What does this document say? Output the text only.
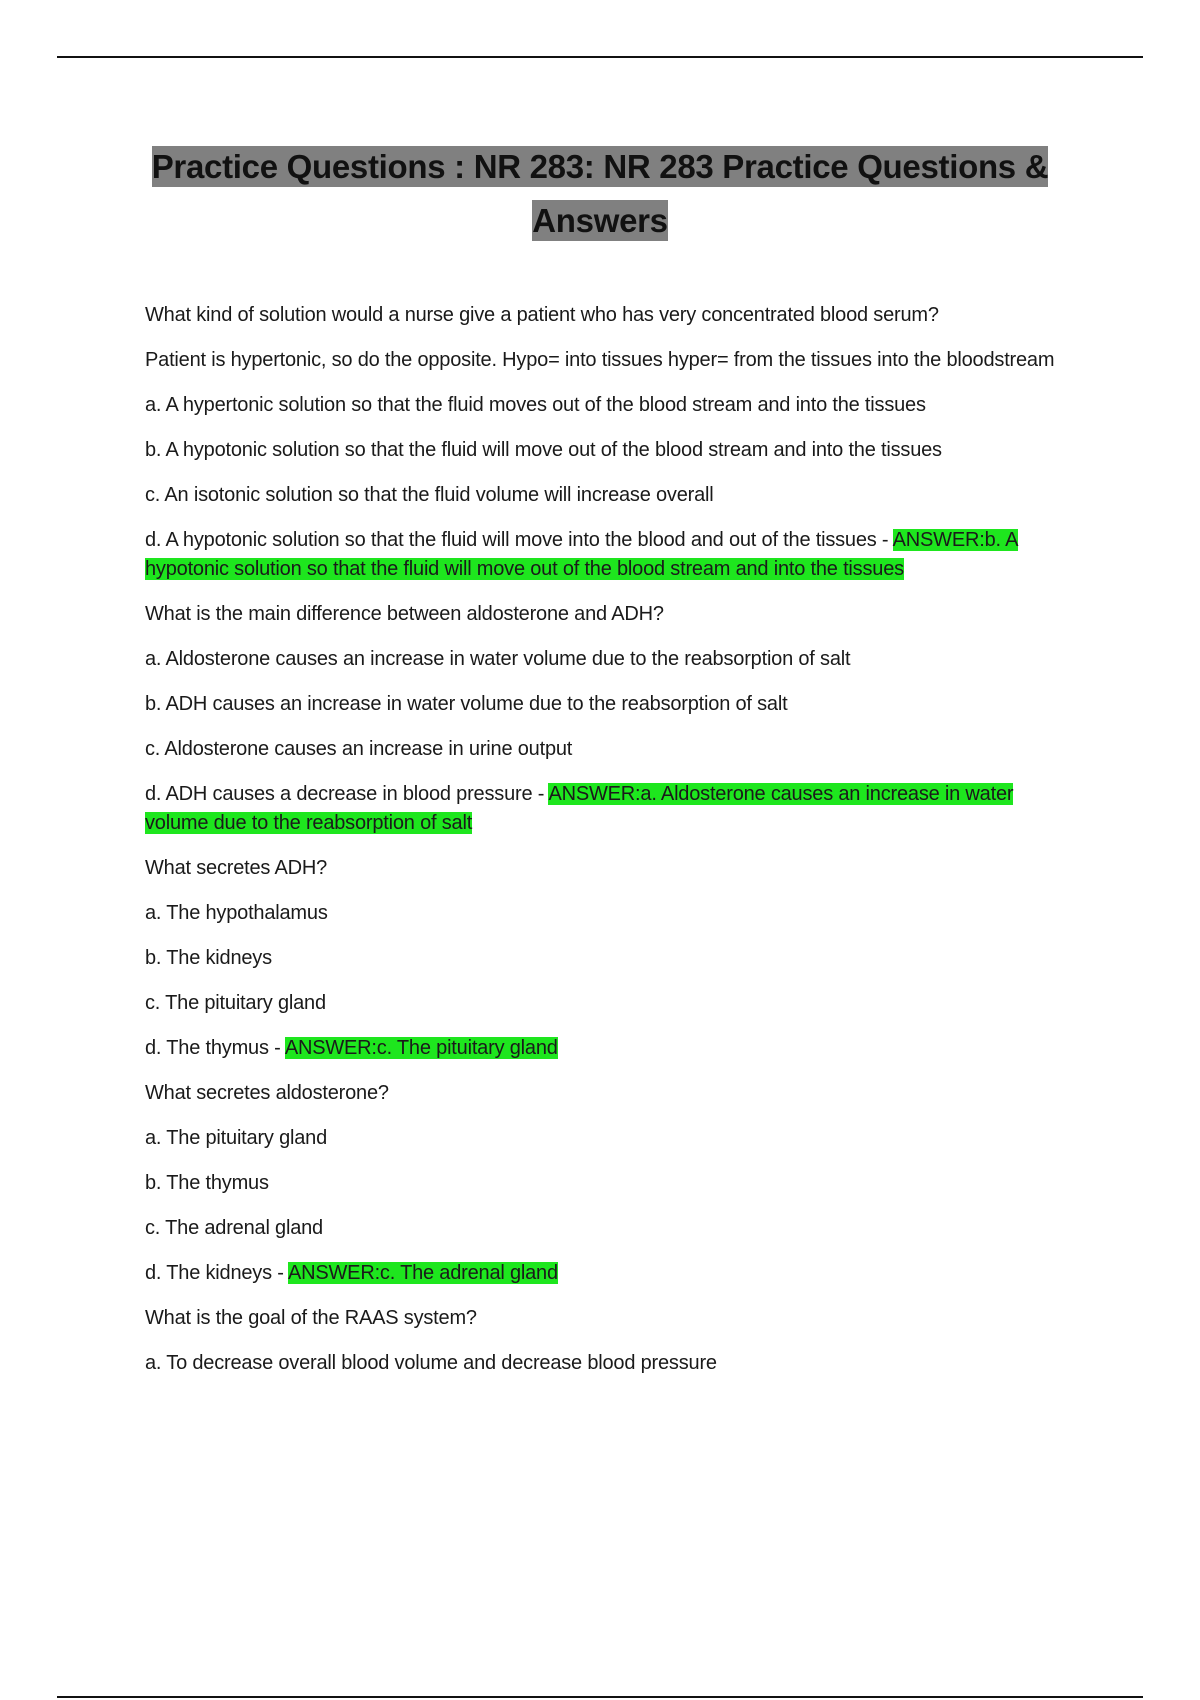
Practice Questions : NR 283: NR 283 Practice Questions & Answers

What kind of solution would a nurse give a patient who has very concentrated blood serum?

Patient is hypertonic, so do the opposite. Hypo= into tissues hyper= from the tissues into the bloodstream

a. A hypertonic solution so that the fluid moves out of the blood stream and into the tissues

b. A hypotonic solution so that the fluid will move out of the blood stream and into the tissues

c. An isotonic solution so that the fluid volume will increase overall

d. A hypotonic solution so that the fluid will move into the blood and out of the tissues - ANSWER:b. A hypotonic solution so that the fluid will move out of the blood stream and into the tissues

What is the main difference between aldosterone and ADH?

a. Aldosterone causes an increase in water volume due to the reabsorption of salt

b. ADH causes an increase in water volume due to the reabsorption of salt

c. Aldosterone causes an increase in urine output

d. ADH causes a decrease in blood pressure - ANSWER:a. Aldosterone causes an increase in water volume due to the reabsorption of salt

What secretes ADH?

a. The hypothalamus

b. The kidneys

c. The pituitary gland

d. The thymus - ANSWER:c. The pituitary gland

What secretes aldosterone?

a. The pituitary gland

b. The thymus

c. The adrenal gland

d. The kidneys - ANSWER:c. The adrenal gland

What is the goal of the RAAS system?

a. To decrease overall blood volume and decrease blood pressure
